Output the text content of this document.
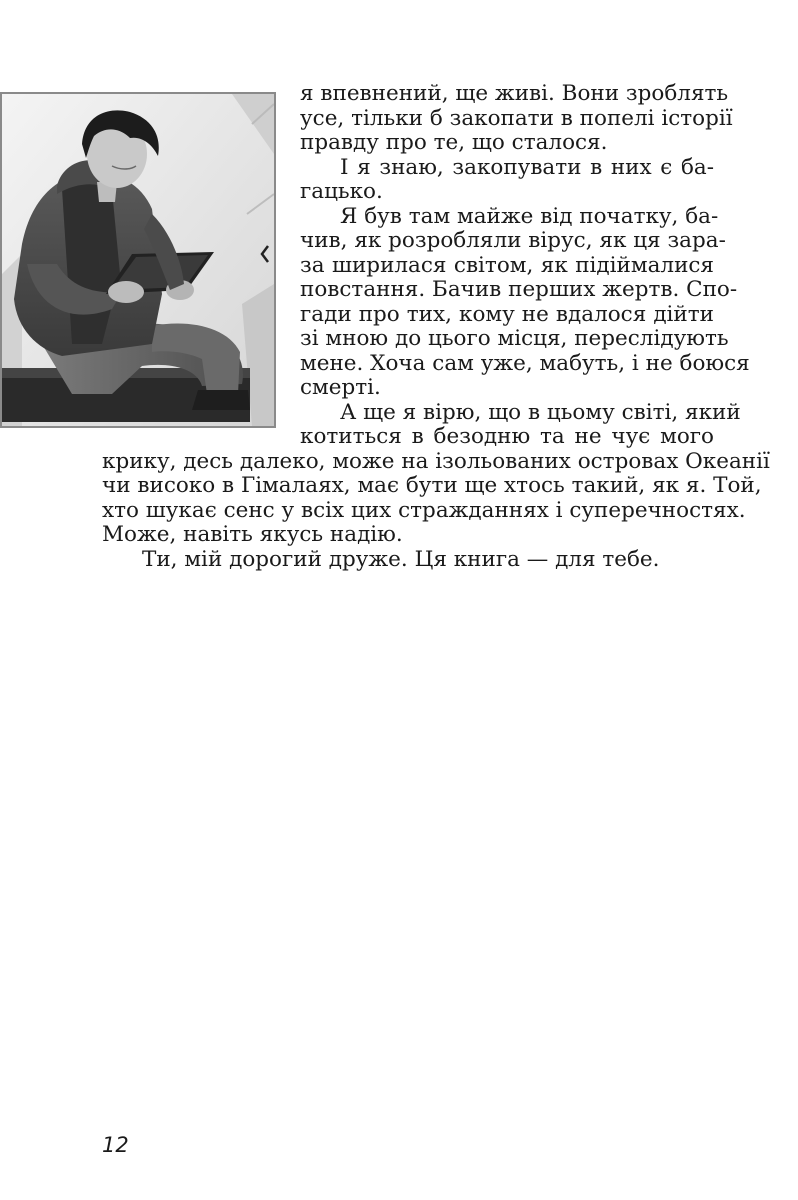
я впевнений, ще живі. Вони зроблять

усе, тільки б закопати в попелі історії

правду про те, що сталося.

І я знаю, закопувати в них є ба-

гацько.

Я був там майже від початку, ба-

чив, як розробляли вірус, як ця зара-

за ширилася світом, як підіймалися

повстання. Бачив перших жертв. Спо-

гади про тих, кому не вдалося дійти

зі мною до цього місця, переслідують

мене. Хоча сам уже, мабуть, і не боюся

смерті.

А ще я вірю, що в цьому світі, який

котиться в безодню та не чує мого

крику, десь далеко, може на ізольованих островах Океанії

чи високо в Гімалаях, має бути ще хтось такий, як я. Той,

хто шукає сенс у всіх цих стражданнях і суперечностях.

Може, навіть якусь надію.

Ти, мій дорогий друже. Ця книга — для тебе.

12
